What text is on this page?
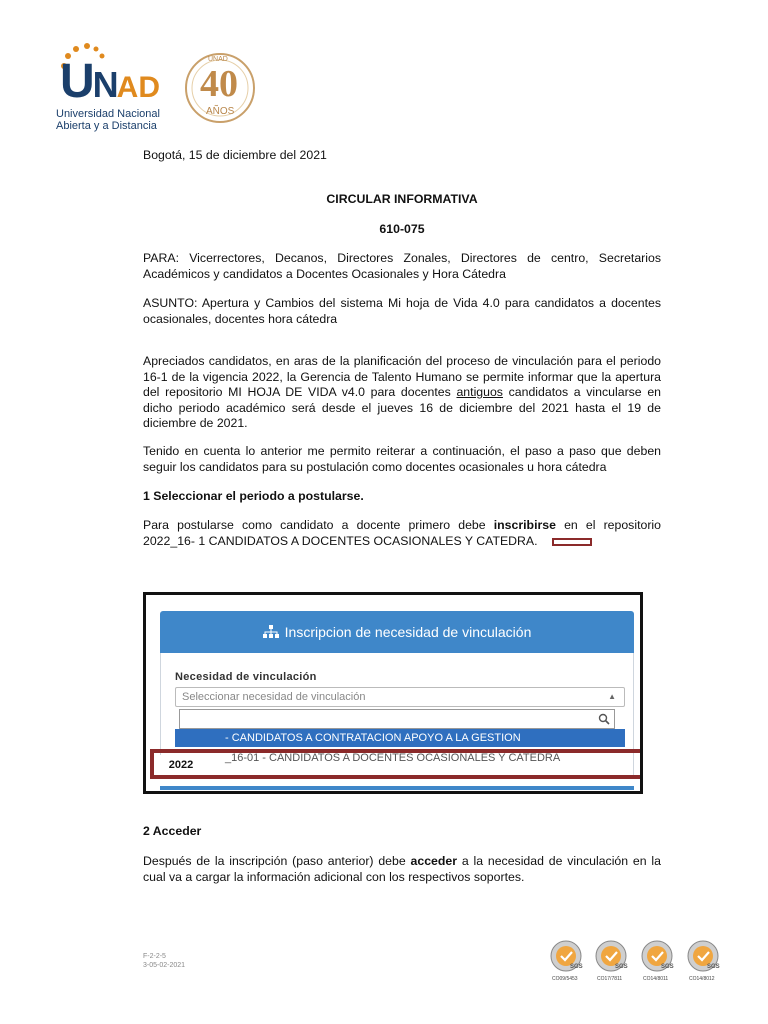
UNAD
Universidad Nacional
Abierta y a Distancia
UNAD
40
AÑOS
Bogotá, 15 de diciembre del 2021
CIRCULAR INFORMATIVA
610-075
PARA: Vicerrectores, Decanos, Directores Zonales, Directores de centro, Secretarios Académicos y candidatos a Docentes Ocasionales y Hora Cátedra
ASUNTO: Apertura y Cambios del sistema Mi hoja de Vida 4.0 para candidatos a docentes ocasionales, docentes hora cátedra
Apreciados candidatos, en aras de la planificación del proceso de vinculación para el periodo 16-1 de la vigencia 2022, la Gerencia de Talento Humano se permite informar que la apertura del repositorio MI HOJA DE VIDA v4.0 para docentes antiguos candidatos a vincularse en dicho periodo académico será desde el jueves 16 de diciembre del 2021 hasta el 19 de diciembre de 2021.
Tenido en cuenta lo anterior me permito reiterar a continuación, el paso a paso que deben seguir los candidatos para su postulación como docentes ocasionales u hora cátedra
1 Seleccionar el periodo a postularse.
Para postularse como candidato a docente primero debe inscribirse en el repositorio 2022_16- 1 CANDIDATOS A DOCENTES OCASIONALES Y CATEDRA.
Inscripcion de necesidad de vinculación
Necesidad de vinculación
Seleccionar necesidad de vinculación	▲
- CANDIDATOS A CONTRATACION APOYO A LA GESTION
_16-01 - CANDIDATOS A DOCENTES OCASIONALES Y CATEDRA
2022
2 Acceder
Después de la inscripción (paso anterior) debe acceder a la necesidad de vinculación en la cual va a cargar la información adicional con los respectivos soportes.
F-2-2-5
3-05-02-2021	SGS
CO09/5453
SGS
CO17/7811
SGS
CO14/8011
SGS
CO14/8012
